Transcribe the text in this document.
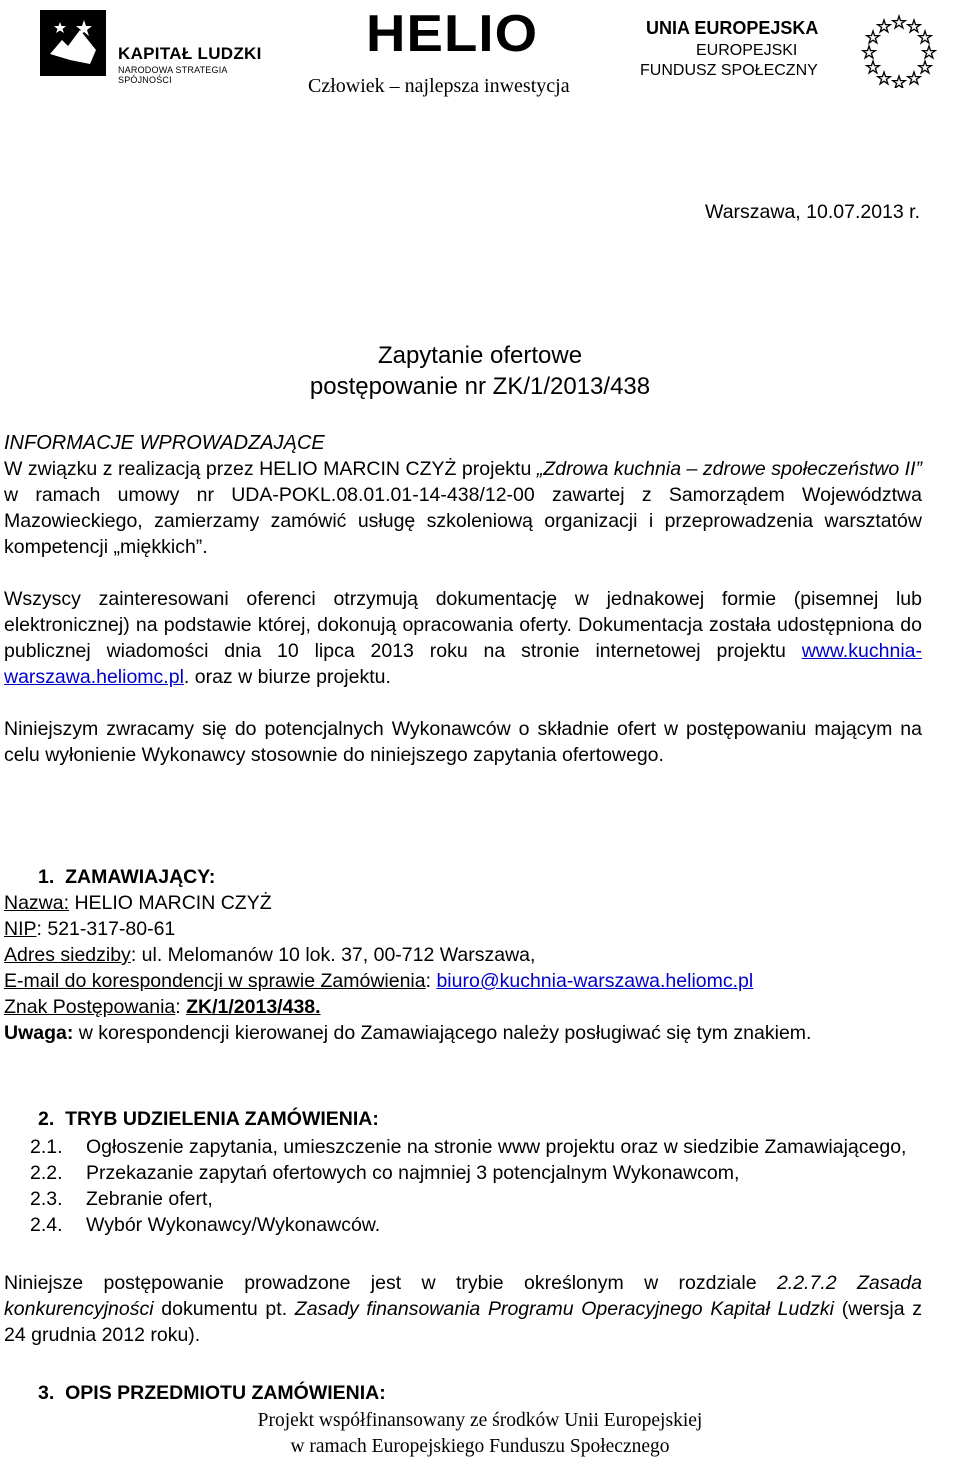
KAPITAŁ LUDZKI
NARODOWA STRATEGIA SPÓJNOŚCI
HELIO
Człowiek – najlepsza inwestycja
UNIA EUROPEJSKA
EUROPEJSKI
FUNDUSZ SPOŁECZNY
Warszawa, 10.07.2013 r.
Zapytanie ofertowe
postępowanie nr ZK/1/2013/438
INFORMACJE WPROWADZAJĄCE
W związku z realizacją przez HELIO MARCIN CZYŻ projektu „Zdrowa kuchnia – zdrowe społeczeństwo II” w ramach umowy nr UDA-POKL.08.01.01-14-438/12-00 zawartej z Samorządem Województwa Mazowieckiego, zamierzamy zamówić usługę szkoleniową organizacji i przeprowadzenia warsztatów kompetencji „miękkich”.
Wszyscy zainteresowani oferenci otrzymują dokumentację w jednakowej formie (pisemnej lub elektronicznej) na podstawie której, dokonują opracowania oferty. Dokumentacja została udostępniona do publicznej wiadomości dnia 10 lipca 2013 roku na stronie internetowej projektu www.kuchnia-warszawa.heliomc.pl. oraz w biurze projektu.
Niniejszym zwracamy się do potencjalnych Wykonawców o składnie ofert w postępowaniu mającym na celu wyłonienie Wykonawcy stosownie do niniejszego zapytania ofertowego.
1.  ZAMAWIAJĄCY:
Nazwa: HELIO MARCIN CZYŻ
NIP: 521-317-80-61
Adres siedziby: ul. Melomanów 10 lok. 37, 00-712 Warszawa,
E-mail do korespondencji w sprawie Zamówienia: biuro@kuchnia-warszawa.heliomc.pl
Znak Postępowania: ZK/1/2013/438.
Uwaga: w korespondencji kierowanej do Zamawiającego należy posługiwać się tym znakiem.
2.  TRYB UDZIELENIA ZAMÓWIENIA:
2.1.	Ogłoszenie zapytania, umieszczenie na stronie www projektu oraz w siedzibie Zamawiającego,
2.2.	Przekazanie zapytań ofertowych co najmniej 3 potencjalnym Wykonawcom,
2.3.	Zebranie ofert,
2.4.	Wybór Wykonawcy/Wykonawców.
Niniejsze postępowanie prowadzone jest w trybie określonym w rozdziale 2.2.7.2 Zasada konkurencyjności dokumentu pt. Zasady finansowania Programu Operacyjnego Kapitał Ludzki (wersja z 24 grudnia 2012 roku).
3.  OPIS PRZEDMIOTU ZAMÓWIENIA:
Projekt współfinansowany ze środków Unii Europejskiej
w ramach Europejskiego Funduszu Społecznego
